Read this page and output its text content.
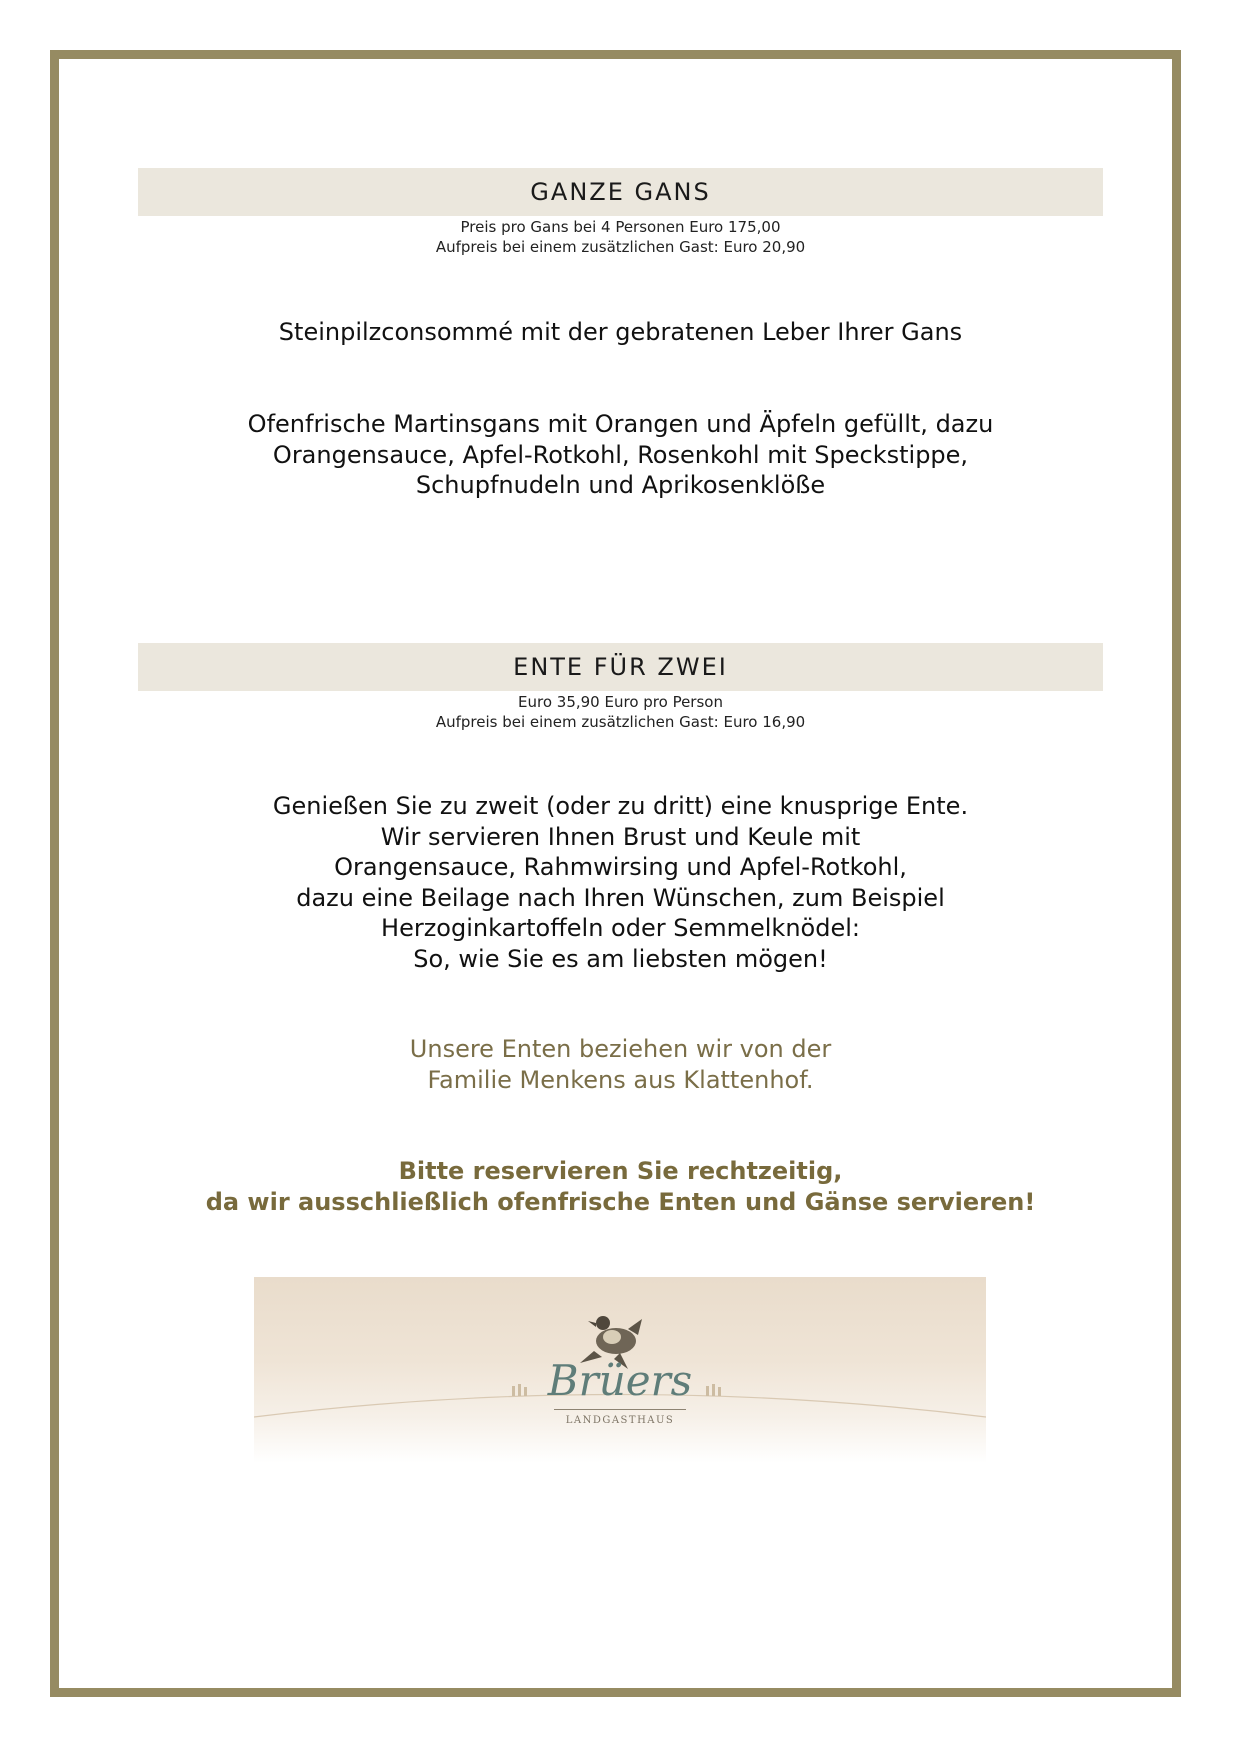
GANZE GANS
Preis pro Gans bei 4 Personen Euro 175,00
Aufpreis bei einem zusätzlichen Gast: Euro 20,90
Steinpilzconsommé mit der gebratenen Leber Ihrer Gans
Ofenfrische Martinsgans mit Orangen und Äpfeln gefüllt, dazu
Orangensauce, Apfel-Rotkohl, Rosenkohl mit Speckstippe,
Schupfnudeln und Aprikosenklöße
ENTE FÜR ZWEI
Euro 35,90 Euro pro Person
Aufpreis bei einem zusätzlichen Gast: Euro 16,90
Genießen Sie zu zweit (oder zu dritt) eine knusprige Ente.
Wir servieren Ihnen Brust und Keule mit
Orangensauce, Rahmwirsing und Apfel-Rotkohl,
dazu eine Beilage nach Ihren Wünschen, zum Beispiel
Herzoginkartoffeln oder Semmelknödel:
So, wie Sie es am liebsten mögen!
Unsere Enten beziehen wir von der
Familie Menkens aus Klattenhof.
Bitte reservieren Sie rechtzeitig,
da wir ausschließlich ofenfrische Enten und Gänse servieren!
Brüers
LANDGASTHAUS
